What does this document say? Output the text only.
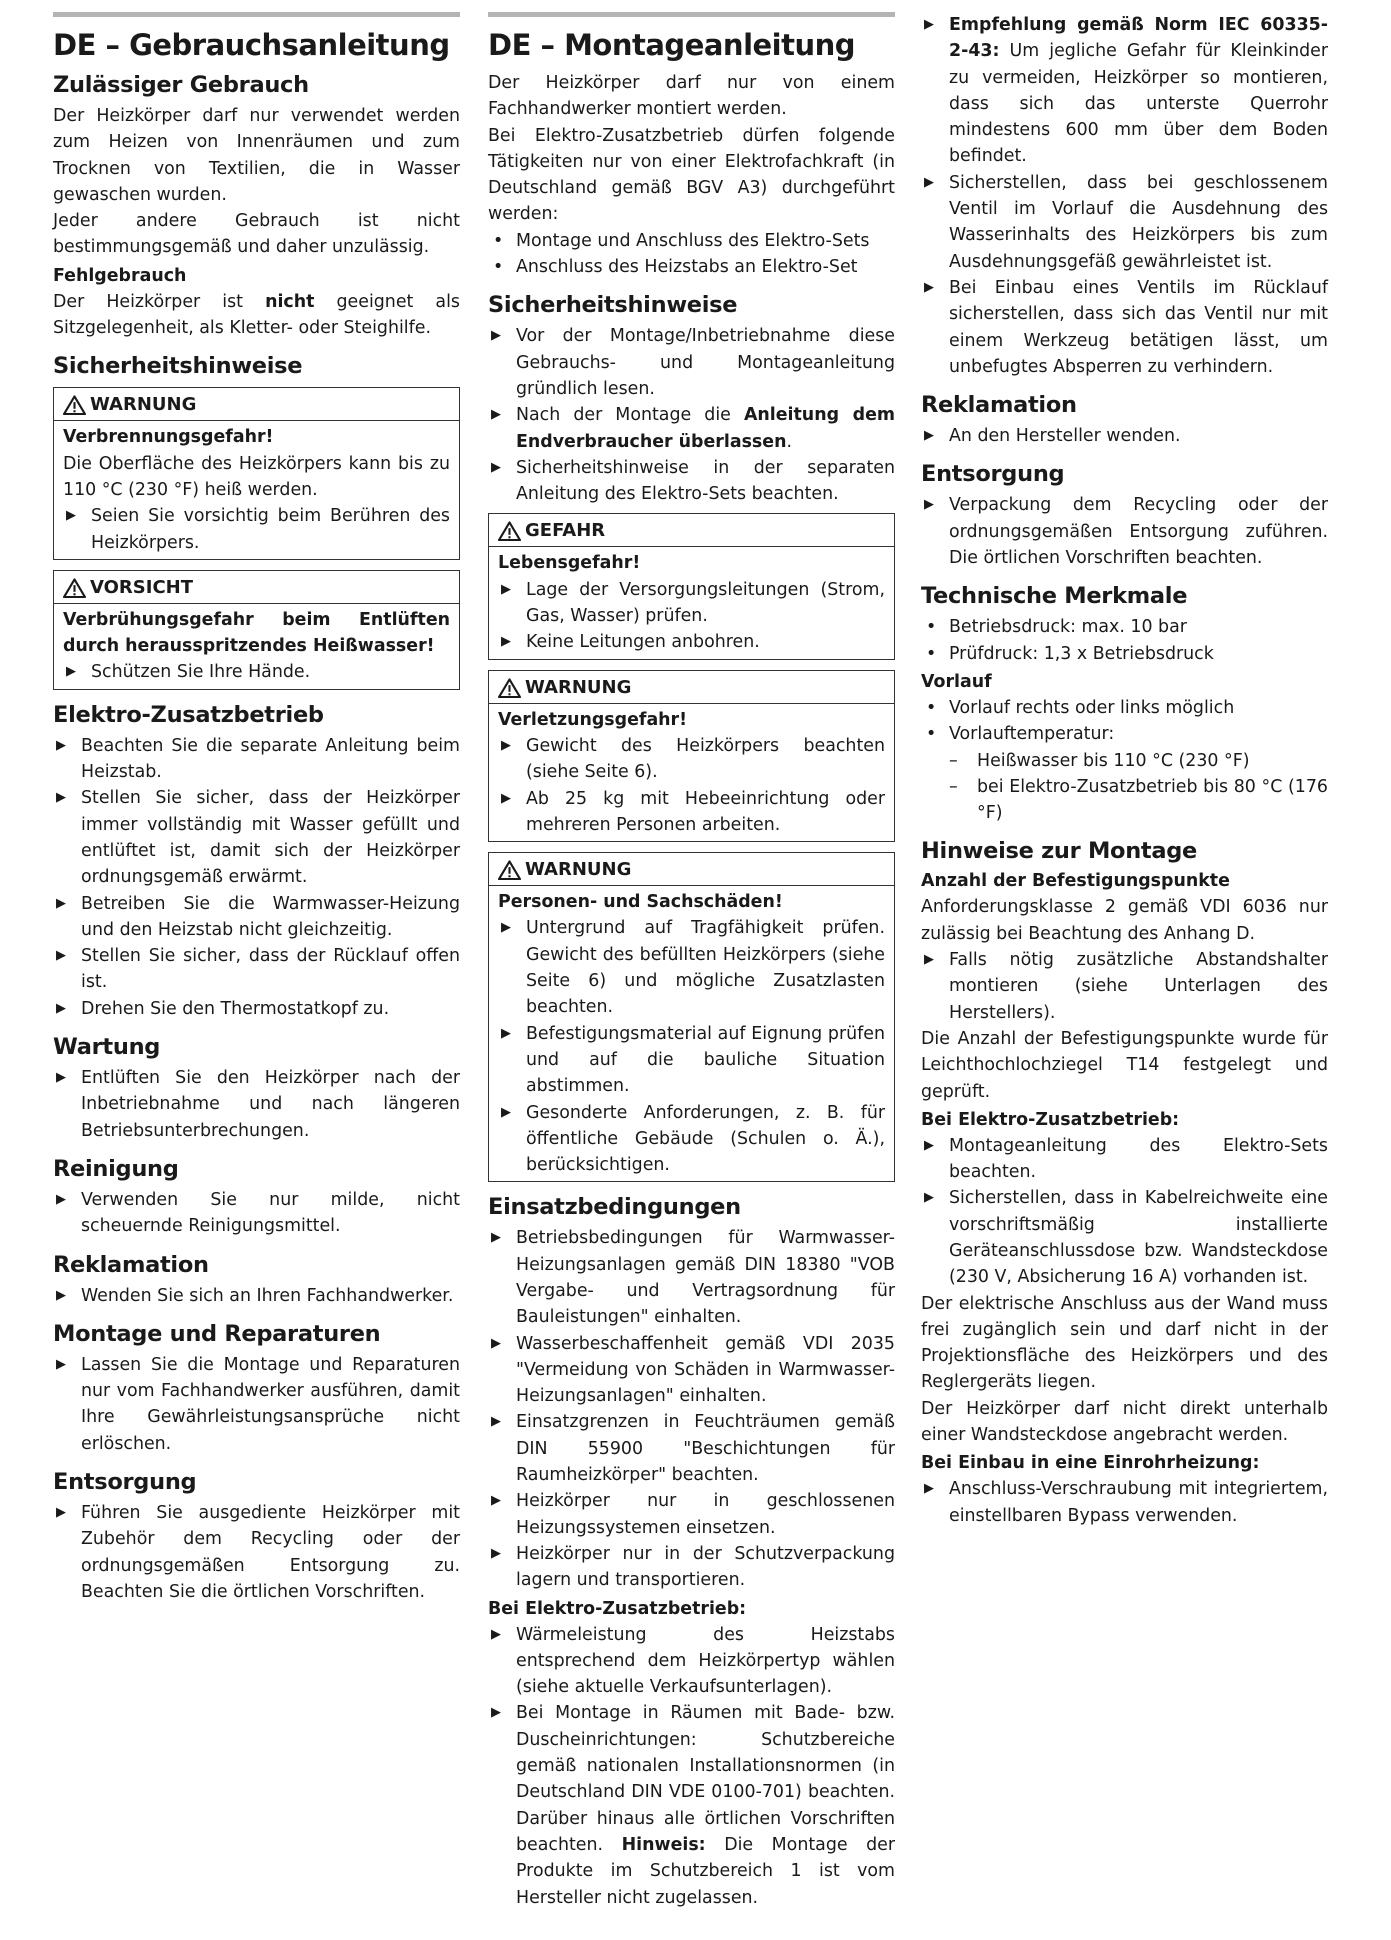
DE – Gebrauchsanleitung
Zulässiger Gebrauch

Der Heizkörper darf nur verwendet werden zum Heizen von Innenräumen und zum Trocknen von Textilien, die in Wasser gewaschen wurden.

Jeder andere Gebrauch ist nicht bestimmungsgemäß und daher unzulässig.

Fehlgebrauch

Der Heizkörper ist nicht geeignet als Sitzgelegenheit, als Kletter- oder Steighilfe.

Sicherheitshinweise
WARNUNG
Verbrennungsgefahr!

Die Oberfläche des Heizkörpers kann bis zu 110 °C (230 °F) heiß werden.

▶ Seien Sie vorsichtig beim Berühren des Heizkörpers.
VORSICHT
Verbrühungsgefahr beim Entlüften durch herausspritzendes Heißwasser!
▶ Schützen Sie Ihre Hände.
Elektro-Zusatzbetrieb
▶ Beachten Sie die separate Anleitung beim Heizstab.
▶ Stellen Sie sicher, dass der Heizkörper immer vollständig mit Wasser gefüllt und entlüftet ist, damit sich der Heizkörper ordnungsgemäß erwärmt.
▶ Betreiben Sie die Warmwasser-Heizung und den Heizstab nicht gleichzeitig.
▶ Stellen Sie sicher, dass der Rücklauf offen ist.
▶ Drehen Sie den Thermostatkopf zu.
Wartung
▶ Entlüften Sie den Heizkörper nach der Inbetriebnahme und nach längeren Betriebsunterbrechungen.
Reinigung
▶ Verwenden Sie nur milde, nicht scheuernde Reinigungsmittel.
Reklamation
▶ Wenden Sie sich an Ihren Fachhandwerker.
Montage und Reparaturen
▶ Lassen Sie die Montage und Reparaturen nur vom Fachhandwerker ausführen, damit Ihre Gewährleistungsansprüche nicht erlöschen.
Entsorgung
▶ Führen Sie ausgediente Heizkörper mit Zubehör dem Recycling oder der ordnungsgemäßen Entsorgung zu. Beachten Sie die örtlichen Vorschriften.
DE – Montageanleitung

Der Heizkörper darf nur von einem Fachhandwerker montiert werden.

Bei Elektro-Zusatzbetrieb dürfen folgende Tätigkeiten nur von einer Elektrofachkraft (in Deutschland gemäß BGV A3) durchgeführt werden:

• Montage und Anschluss des Elektro-Sets
• Anschluss des Heizstabs an Elektro-Set
Sicherheitshinweise
▶ Vor der Montage/Inbetriebnahme diese Gebrauchs- und Montageanleitung gründlich lesen.
▶ Nach der Montage die Anleitung dem Endverbraucher überlassen.
▶ Sicherheitshinweise in der separaten Anleitung des Elektro-Sets beachten.
GEFAHR
Lebensgefahr!
▶ Lage der Versorgungsleitungen (Strom, Gas, Wasser) prüfen.
▶ Keine Leitungen anbohren.
WARNUNG
Verletzungsgefahr!
▶ Gewicht des Heizkörpers beachten (siehe Seite 6).
▶ Ab 25 kg mit Hebeeinrichtung oder mehreren Personen arbeiten.
WARNUNG
Personen- und Sachschäden!
▶ Untergrund auf Tragfähigkeit prüfen. Gewicht des befüllten Heizkörpers (siehe Seite 6) und mögliche Zusatzlasten beachten.
▶ Befestigungsmaterial auf Eignung prüfen und auf die bauliche Situation abstimmen.
▶ Gesonderte Anforderungen, z. B. für öffentliche Gebäude (Schulen o. Ä.), berücksichtigen.
Einsatzbedingungen
▶ Betriebsbedingungen für Warmwasser-Heizungsanlagen gemäß DIN 18380 "VOB Vergabe- und Vertragsordnung für Bauleistungen" einhalten.
▶ Wasserbeschaffenheit gemäß VDI 2035 "Vermeidung von Schäden in Warmwasser-Heizungsanlagen" einhalten.
▶ Einsatzgrenzen in Feuchträumen gemäß DIN 55900 "Beschichtungen für Raumheizkörper" beachten.
▶ Heizkörper nur in geschlossenen Heizungssystemen einsetzen.
▶ Heizkörper nur in der Schutzverpackung lagern und transportieren.
Bei Elektro-Zusatzbetrieb:
▶ Wärmeleistung des Heizstabs entsprechend dem Heizkörpertyp wählen (siehe aktuelle Verkaufsunterlagen).
▶ Bei Montage in Räumen mit Bade- bzw. Duscheinrichtungen: Schutzbereiche gemäß nationalen Installationsnormen (in Deutschland DIN VDE 0100-701) beachten. Darüber hinaus alle örtlichen Vorschriften beachten. Hinweis: Die Montage der Produkte im Schutzbereich 1 ist vom Hersteller nicht zugelassen.
▶ Empfehlung gemäß Norm IEC 60335-2-43: Um jegliche Gefahr für Kleinkinder zu vermeiden, Heizkörper so montieren, dass sich das unterste Querrohr mindestens 600 mm über dem Boden befindet.
▶ Sicherstellen, dass bei geschlossenem Ventil im Vorlauf die Ausdehnung des Wasserinhalts des Heizkörpers bis zum Ausdehnungsgefäß gewährleistet ist.
▶ Bei Einbau eines Ventils im Rücklauf sicherstellen, dass sich das Ventil nur mit einem Werkzeug betätigen lässt, um unbefugtes Absperren zu verhindern.
Reklamation
▶ An den Hersteller wenden.
Entsorgung
▶ Verpackung dem Recycling oder der ordnungsgemäßen Entsorgung zuführen. Die örtlichen Vorschriften beachten.
Technische Merkmale
• Betriebsdruck: max. 10 bar
• Prüfdruck: 1,3 x Betriebsdruck
Vorlauf
• Vorlauf rechts oder links möglich
• Vorlauftemperatur:
– Heißwasser bis 110 °C (230 °F)
– bei Elektro-Zusatzbetrieb bis 80 °C (176 °F)
Hinweise zur Montage
Anzahl der Befestigungspunkte

Anforderungsklasse 2 gemäß VDI 6036 nur zulässig bei Beachtung des Anhang D.

▶ Falls nötig zusätzliche Abstandshalter montieren (siehe Unterlagen des Herstellers).

Die Anzahl der Befestigungspunkte wurde für Leichthochlochziegel T14 festgelegt und geprüft.

Bei Elektro-Zusatzbetrieb:
▶ Montageanleitung des Elektro-Sets beachten.
▶ Sicherstellen, dass in Kabelreichweite eine vorschriftsmäßig installierte Geräteanschlussdose bzw. Wandsteckdose (230 V, Absicherung 16 A) vorhanden ist.

Der elektrische Anschluss aus der Wand muss frei zugänglich sein und darf nicht in der Projektionsfläche des Heizkörpers und des Reglergeräts liegen.

Der Heizkörper darf nicht direkt unterhalb einer Wandsteckdose angebracht werden.

Bei Einbau in eine Einrohrheizung:
▶ Anschluss-Verschraubung mit integriertem, einstellbaren Bypass verwenden.
